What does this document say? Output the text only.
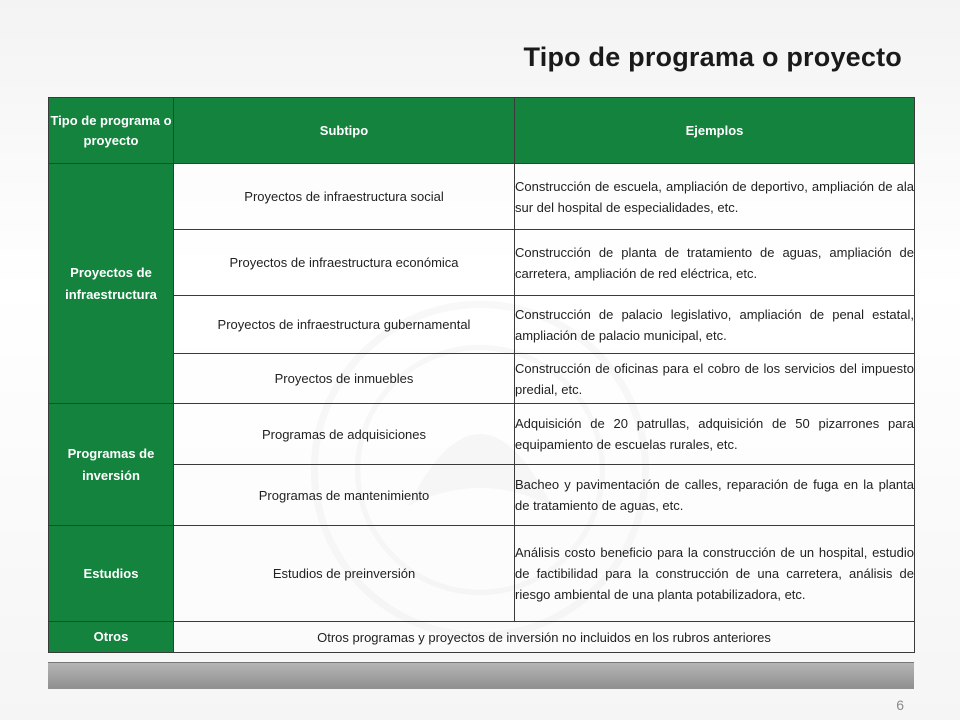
Tipo de programa o proyecto
Tipo de programa o proyecto	Subtipo	Ejemplos
Proyectos de infraestructura	Proyectos de infraestructura social	Construcción de escuela, ampliación de deportivo, ampliación de ala sur del hospital de especialidades, etc.
	Proyectos de infraestructura económica	Construcción de planta de tratamiento de aguas, ampliación de carretera, ampliación de red eléctrica, etc.
	Proyectos de infraestructura gubernamental	Construcción de palacio legislativo, ampliación de penal estatal, ampliación de palacio municipal, etc.
	Proyectos de inmuebles	Construcción de oficinas para el cobro de los servicios del impuesto predial, etc.
Programas de inversión	Programas de adquisiciones	Adquisición de 20 patrullas, adquisición de 50 pizarrones para equipamiento de escuelas rurales, etc.
	Programas de mantenimiento	Bacheo y pavimentación de calles, reparación de fuga en la planta de tratamiento de aguas, etc.
Estudios	Estudios de preinversión	Análisis costo beneficio para la construcción de un hospital, estudio de factibilidad para la construcción de una carretera, análisis de riesgo ambiental de una planta potabilizadora, etc.
Otros	Otros programas y proyectos de inversión no incluidos en los rubros anteriores	
6
